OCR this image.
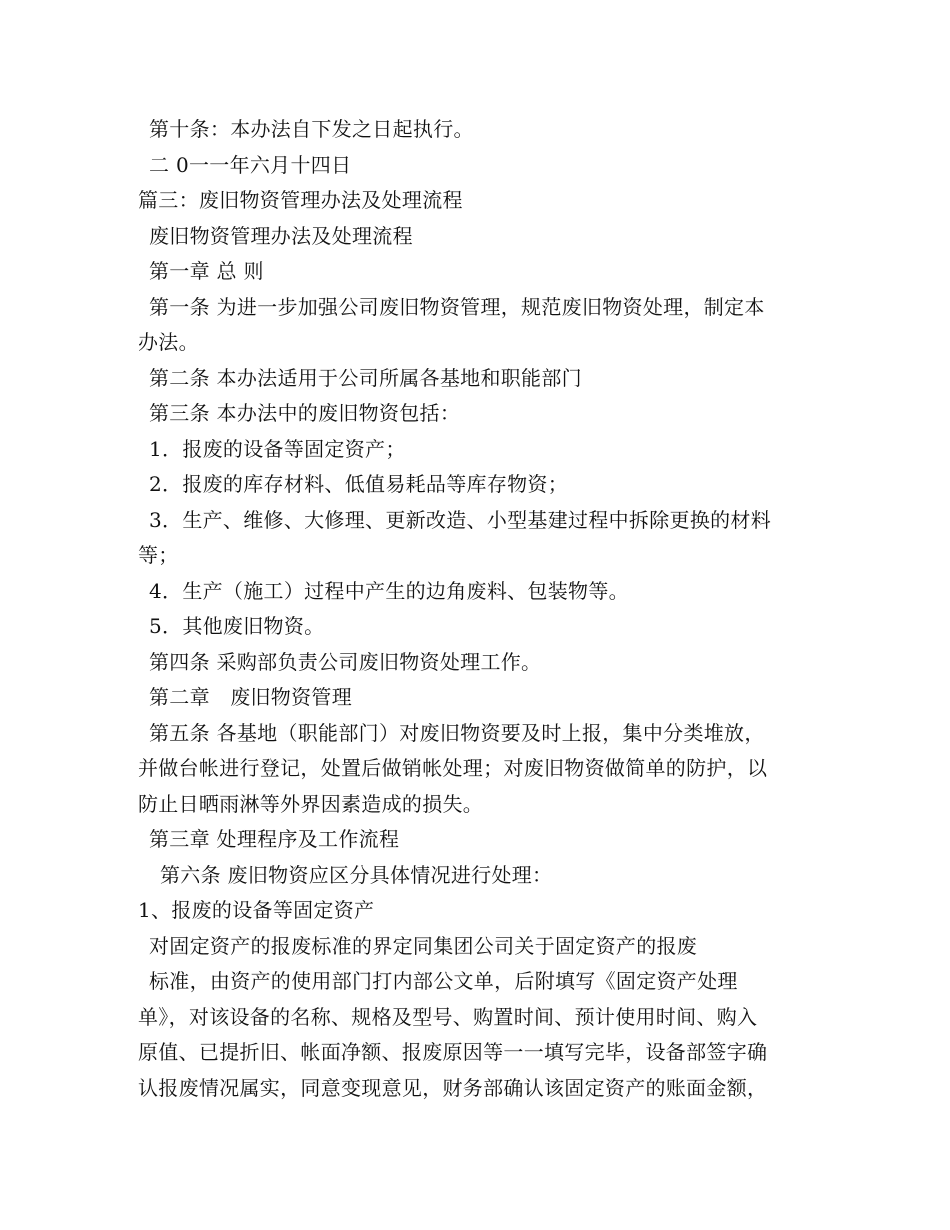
第十条：本办法自下发之日起执行。
二 0一一年六月十四日
篇三：废旧物资管理办法及处理流程
废旧物资管理办法及处理流程
第一章 总 则
第一条 为进一步加强公司废旧物资管理，规范废旧物资处理，制定本
办法。
第二条 本办法适用于公司所属各基地和职能部门
第三条 本办法中的废旧物资包括：
1．报废的设备等固定资产；
2．报废的库存材料、低值易耗品等库存物资；
3．生产、维修、大修理、更新改造、小型基建过程中拆除更换的材料
等；
4．生产（施工）过程中产生的边角废料、包装物等。
5．其他废旧物资。
第四条 采购部负责公司废旧物资处理工作。
第二章　废旧物资管理
第五条 各基地（职能部门）对废旧物资要及时上报，集中分类堆放，
并做台帐进行登记，处置后做销帐处理；对废旧物资做简单的防护，以
防止日晒雨淋等外界因素造成的损失。
第三章 处理程序及工作流程
第六条 废旧物资应区分具体情况进行处理：
1、报废的设备等固定资产
对固定资产的报废标准的界定同集团公司关于固定资产的报废
标准，由资产的使用部门打内部公文单，后附填写《固定资产处理
单》，对该设备的名称、规格及型号、购置时间、预计使用时间、购入
原值、已提折旧、帐面净额、报废原因等一一填写完毕，设备部签字确
认报废情况属实，同意变现意见，财务部确认该固定资产的账面金额，
